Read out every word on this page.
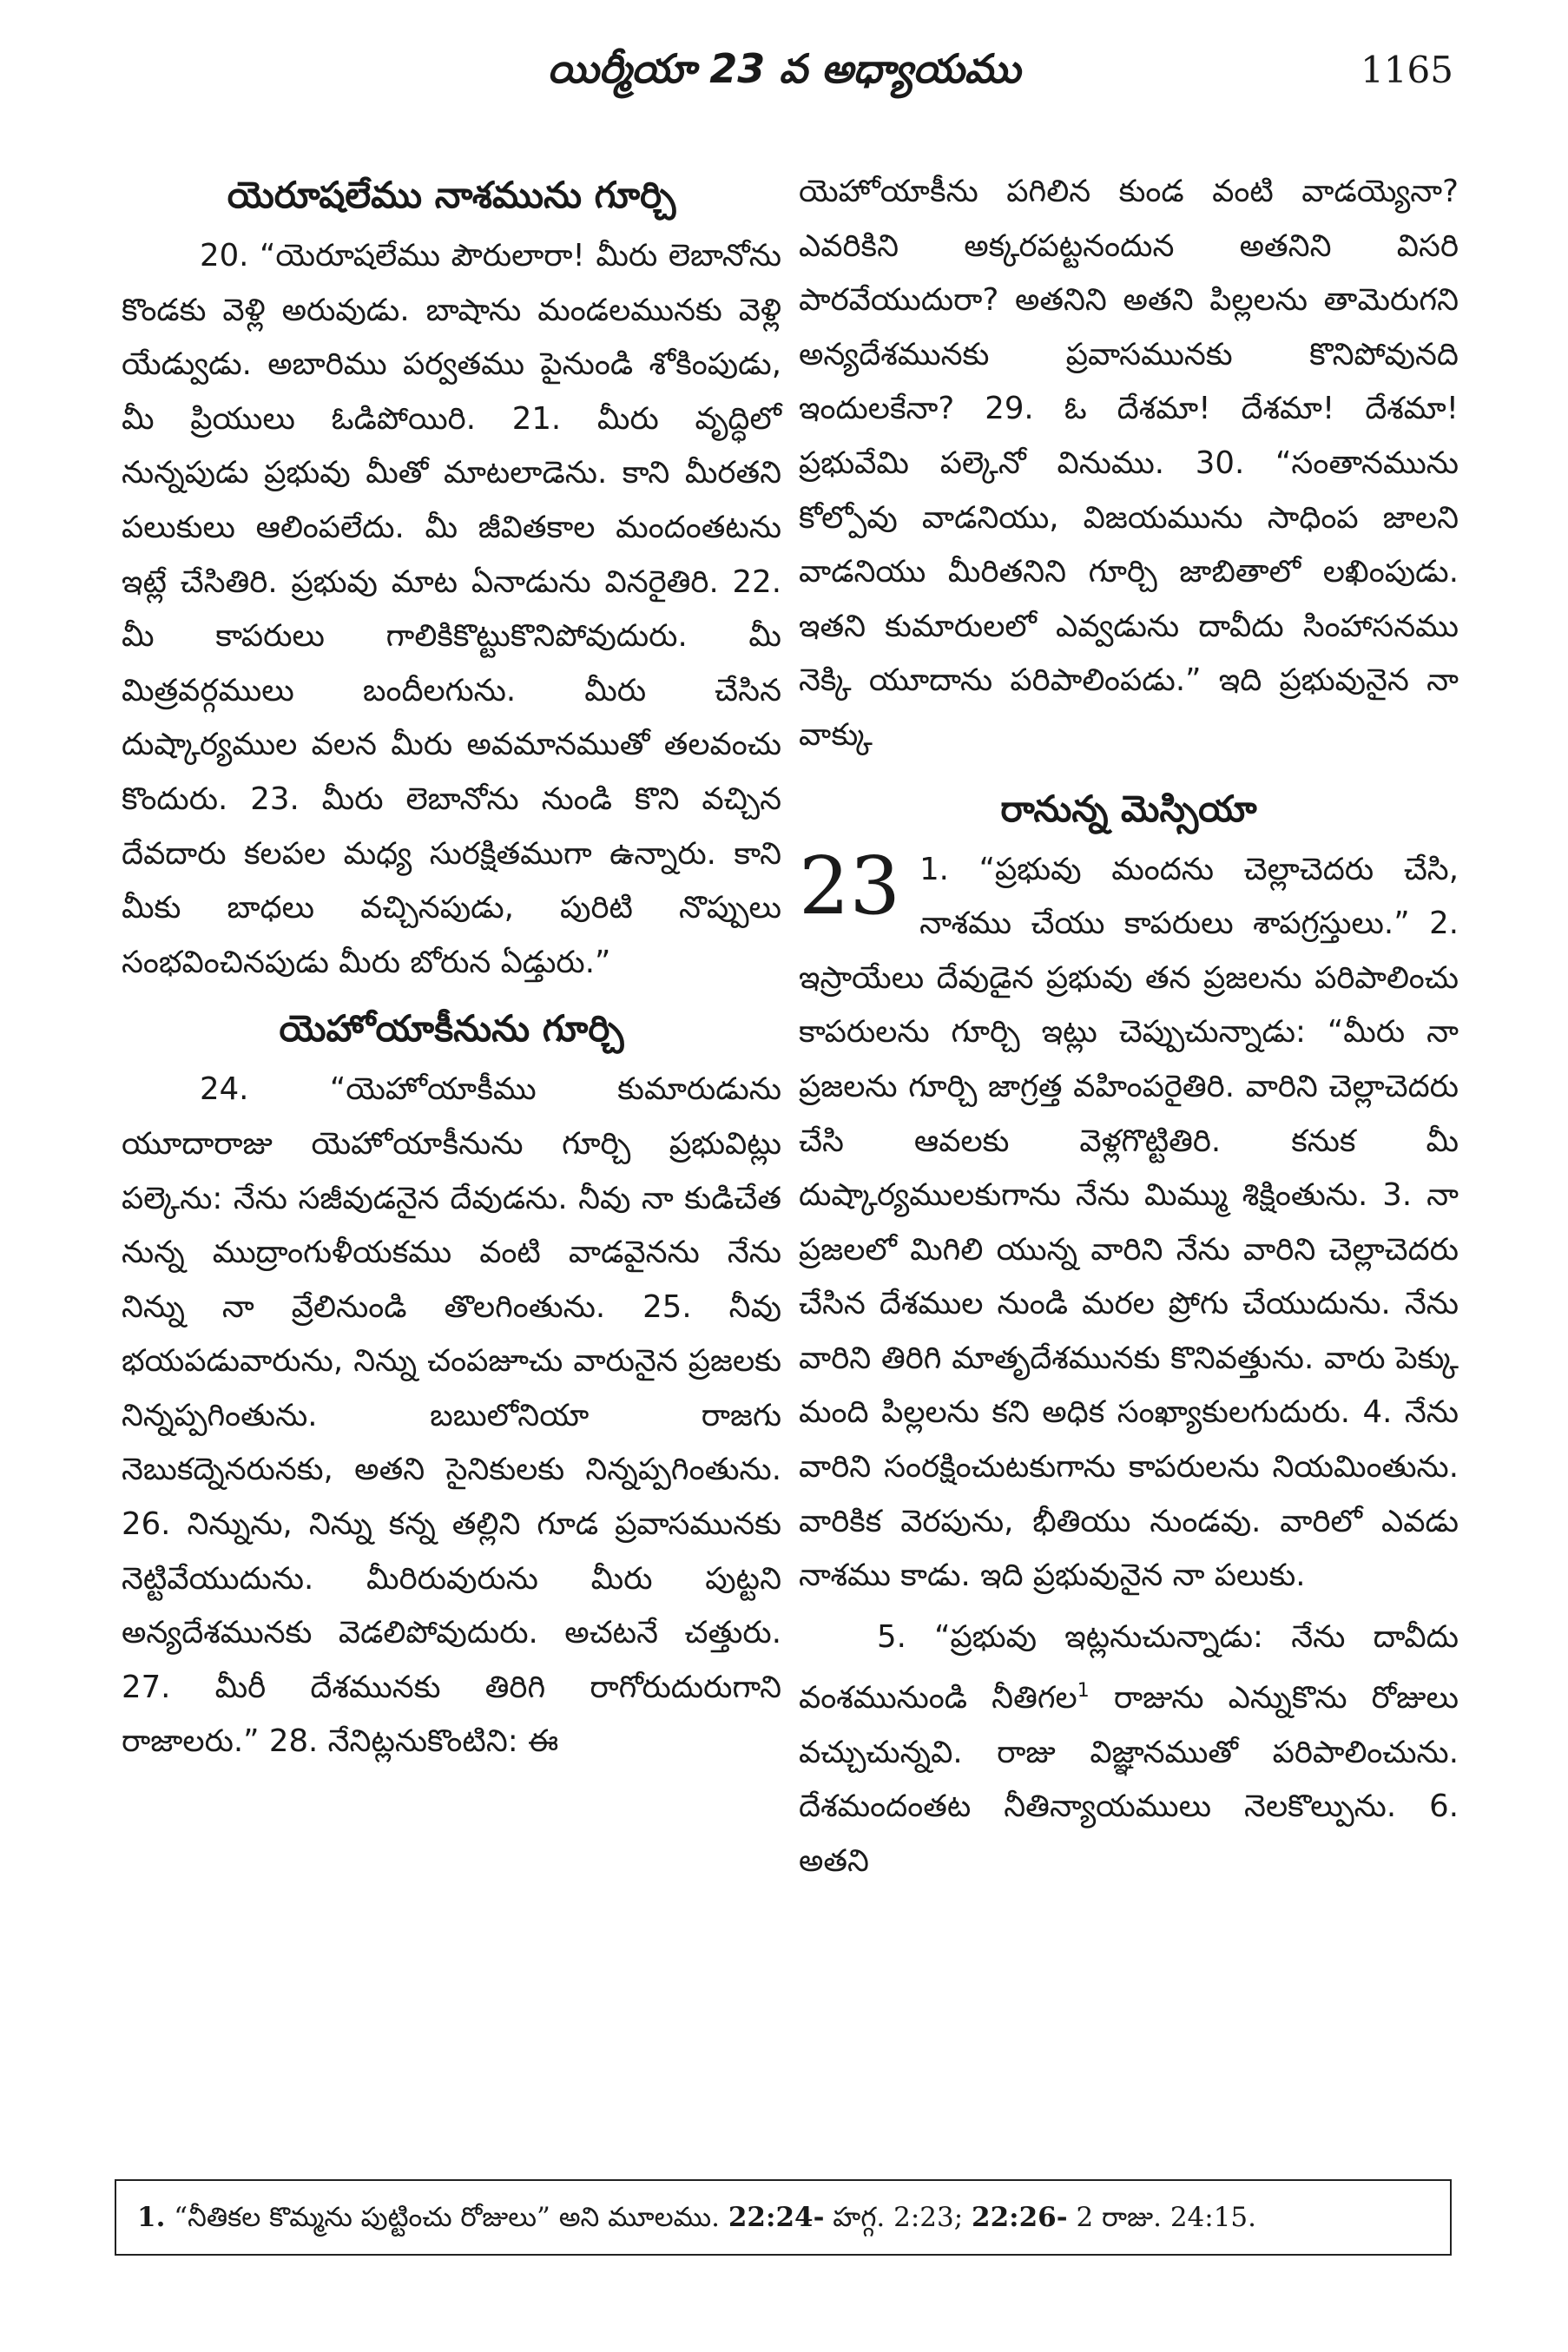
యిర్మీయా 23 వ అధ్యాయము	1165
యెరూషలేము నాశమును గూర్చి

20. “యెరూషలేము పౌరులారా! మీరు లెబానోను కొండకు వెళ్లి అరువుడు. బాషాను మండలమునకు వెళ్లి యేడ్వుడు. అబారిము పర్వతము పైనుండి శోకింపుడు, మీ ప్రియులు ఓడిపోయిరి. 21. మీరు వృద్ధిలో నున్నపుడు ప్రభువు మీతో మాటలాడెను. కాని మీరతని పలుకులు ఆలింపలేదు. మీ జీవితకాల మందంతటను ఇట్లే చేసితిరి. ప్రభువు మాట ఏనాడును వినరైతిరి. 22. మీ కాపరులు గాలికికొట్టుకొనిపోవుదురు. మీ మిత్రవర్గములు బందీలగును. మీరు చేసిన దుష్కార్యముల వలన మీరు అవమానముతో తలవంచు కొందురు. 23. మీరు లెబానోను నుండి కొని వచ్చిన దేవదారు కలపల మధ్య సురక్షితముగా ఉన్నారు. కాని మీకు బాధలు వచ్చినపుడు, పురిటి నొప్పులు సంభవించినపుడు మీరు బోరున ఏడ్తురు.”

యెహోయాకీనును గూర్చి

24. “యెహోయాకీము కుమారుడును యూదారాజు యెహోయాకీనును గూర్చి ప్రభువిట్లు పల్కెను: నేను సజీవుడనైన దేవుడను. నీవు నా కుడిచేత నున్న ముద్రాంగుళీయకము వంటి వాడవైనను నేను నిన్ను నా వ్రేలినుండి తొలగింతును. 25. నీవు భయపడువారును, నిన్ను చంపజూచు వారునైన ప్రజలకు నిన్నప్పగింతును. బబులోనియా రాజగు నెబుకద్నెనరునకు, అతని సైనికులకు నిన్నప్పగింతును. 26. నిన్నును, నిన్ను కన్న తల్లిని గూడ ప్రవాసమునకు నెట్టివేయుదును. మీరిరువురును మీరు పుట్టని అన్యదేశమునకు వెడలిపోవుదురు. అచటనే చత్తురు. 27. మీరీ దేశమునకు తిరిగి రాగోరుదురుగాని రాజాలరు.” 28. నేనిట్లనుకొంటిని: ఈ

యెహోయాకీను పగిలిన కుండ వంటి వాడయ్యెనా? ఎవరికిని అక్కరపట్టనందున అతనిని విసరి పారవేయుదురా? అతనిని అతని పిల్లలను తామెరుగని అన్యదేశమునకు ప్రవాసమునకు కొనిపోవునది ఇందులకేనా? 29. ఓ దేశమా! దేశమా! దేశమా! ప్రభువేమి పల్కెనో వినుము. 30. “సంతానమును కోల్పోవు వాడనియు, విజయమును సాధింప జాలని వాడనియు మీరితనిని గూర్చి జాబితాలో లఖింపుడు. ఇతని కుమారులలో ఎవ్వడును దావీదు సింహాసనము నెక్కి యూదాను పరిపాలింపడు.” ఇది ప్రభువునైన నా వాక్కు

రానున్న మెస్సియా
23 1. “ప్రభువు మందను చెల్లాచెదరు చేసి, నాశము చేయు కాపరులు శాపగ్రస్తులు.” 2. ఇస్రాయేలు దేవుడైన ప్రభువు తన ప్రజలను పరిపాలించు కాపరులను గూర్చి ఇట్లు చెప్పుచున్నాడు: “మీరు నా ప్రజలను గూర్చి జాగ్రత్త వహింపరైతిరి. వారిని చెల్లాచెదరు చేసి ఆవలకు వెళ్లగొట్టితిరి. కనుక మీ దుష్కార్యములకుగాను నేను మిమ్ము శిక్షింతును. 3. నా ప్రజలలో మిగిలి యున్న వారిని నేను వారిని చెల్లాచెదరు చేసిన దేశముల నుండి మరల ప్రోగు చేయుదును. నేను వారిని తిరిగి మాతృదేశమునకు కొనివత్తును. వారు పెక్కు మంది పిల్లలను కని అధిక సంఖ్యాకులగుదురు. 4. నేను వారిని సంరక్షించుటకుగాను కాపరులను నియమింతును. వారికిక వెరపును, భీతియు నుండవు. వారిలో ఎవడు నాశము కాడు. ఇది ప్రభువునైన నా పలుకు.

5. “ప్రభువు ఇట్లనుచున్నాడు: నేను దావీదు వంశమునుండి నీతిగల$^1$ రాజును ఎన్నుకొను రోజులు వచ్చుచున్నవి. రాజు విజ్ఞానముతో పరిపాలించును. దేశమందంతట నీతిన్యాయములు నెలకొల్పును. 6. అతని

1. “నీతికల కొమ్మను పుట్టించు రోజులు” అని మూలము. 22:24- హగ్గ. 2:23; 22:26- 2 రాజు. 24:15.
